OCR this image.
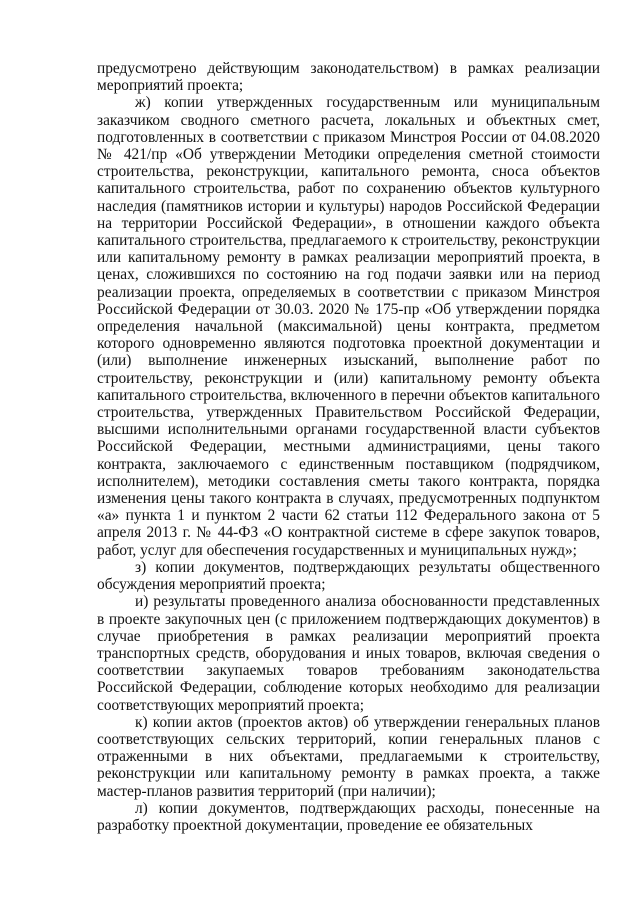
предусмотрено действующим законодательством) в рамках реализации мероприятий проекта;

ж) копии утвержденных государственным или муниципальным заказчиком сводного сметного расчета, локальных и объектных смет, подготовленных в соответствии с приказом Минстроя России от 04.08.2020 № 421/пр «Об утверждении Методики определения сметной стоимости строительства, реконструкции, капитального ремонта, сноса объектов капитального строительства, работ по сохранению объектов культурного наследия (памятников истории и культуры) народов Российской Федерации на территории Российской Федерации», в отношении каждого объекта капитального строительства, предлагаемого к строительству, реконструкции или капитальному ремонту в рамках реализации мероприятий проекта, в ценах, сложившихся по состоянию на год подачи заявки или на период реализации проекта, определяемых в соответствии с приказом Минстроя Российской Федерации от 30.03. 2020 № 175-пр «Об утверждении порядка определения начальной (максимальной) цены контракта, предметом которого одновременно являются подготовка проектной документации и (или) выполнение инженерных изысканий, выполнение работ по строительству, реконструкции и (или) капитальному ремонту объекта капитального строительства, включенного в перечни объектов капитального строительства, утвержденных Правительством Российской Федерации, высшими исполнительными органами государственной власти субъектов Российской Федерации, местными администрациями, цены такого контракта, заключаемого с единственным поставщиком (подрядчиком, исполнителем), методики составления сметы такого контракта, порядка изменения цены такого контракта в случаях, предусмотренных подпунктом «а» пункта 1 и пунктом 2 части 62 статьи 112 Федерального закона от 5 апреля 2013 г. № 44-ФЗ «О контрактной системе в сфере закупок товаров, работ, услуг для обеспечения государственных и муниципальных нужд»;

з) копии документов, подтверждающих результаты общественного обсуждения мероприятий проекта;

и) результаты проведенного анализа обоснованности представленных в проекте закупочных цен (с приложением подтверждающих документов) в случае приобретения в рамках реализации мероприятий проекта транспортных средств, оборудования и иных товаров, включая сведения о соответствии закупаемых товаров требованиям законодательства Российской Федерации, соблюдение которых необходимо для реализации соответствующих мероприятий проекта;

к) копии актов (проектов актов) об утверждении генеральных планов соответствующих сельских территорий, копии генеральных планов с отраженными в них объектами, предлагаемыми к строительству, реконструкции или капитальному ремонту в рамках проекта, а также мастер-планов развития территорий (при наличии);

л) копии документов, подтверждающих расходы, понесенные на разработку проектной документации, проведение ее обязательных
